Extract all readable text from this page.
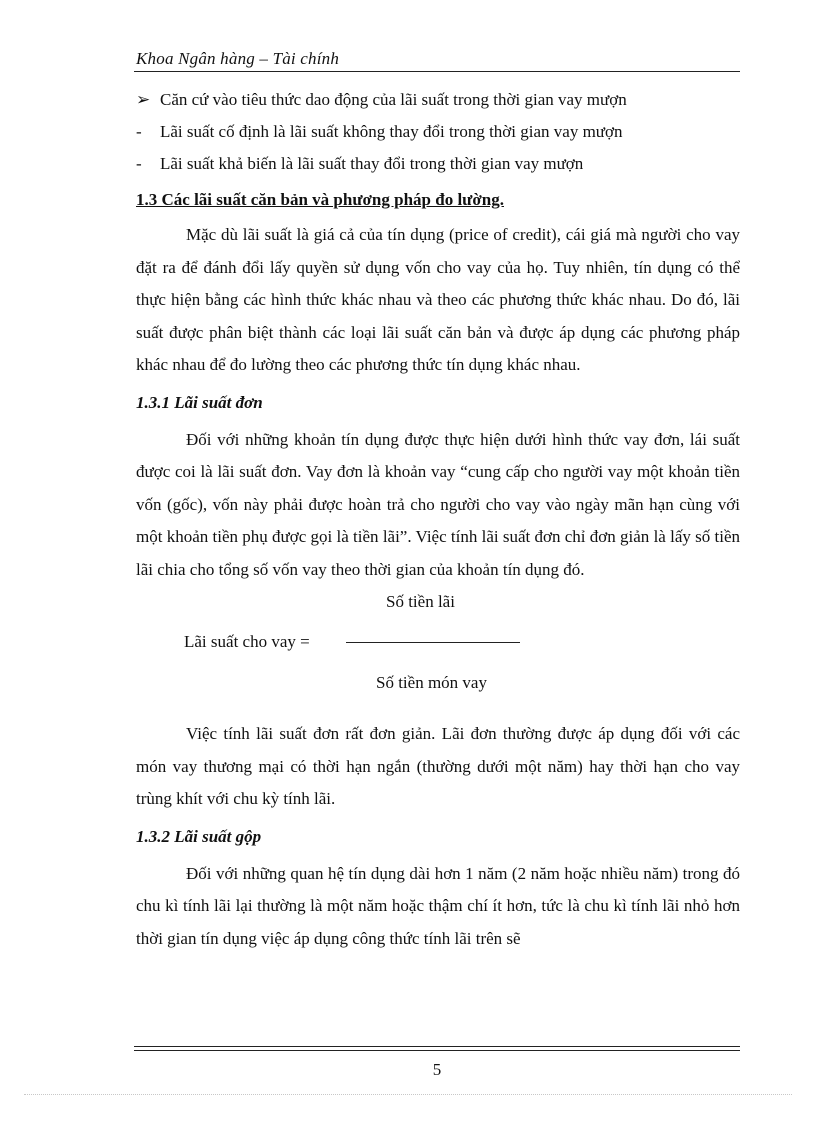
Khoa Ngân hàng – Tài chính
➢ Căn cứ vào tiêu thức dao động của lãi suất trong thời gian vay mượn
- Lãi suất cố định là lãi suất không thay đổi trong thời gian vay mượn
- Lãi suất khả biến là lãi suất thay đổi trong thời gian vay mượn
1.3 Các lãi suất căn bản và phương pháp đo lường.

Mặc dù lãi suất là giá cả của tín dụng (price of credit), cái giá mà người cho vay đặt ra để đánh đổi lấy quyền sử dụng vốn cho vay của họ. Tuy nhiên, tín dụng có thể thực hiện bằng các hình thức khác nhau và theo các phương thức khác nhau. Do đó, lãi suất được phân biệt thành các loại lãi suất căn bản và được áp dụng các phương pháp khác nhau để đo lường theo các phương thức tín dụng khác nhau.

1.3.1 Lãi suất đơn

Đối với những khoản tín dụng được thực hiện dưới hình thức vay đơn, lái suất được coi là lãi suất đơn. Vay đơn là khoản vay “cung cấp cho người vay một khoản tiền vốn (gốc), vốn này phải được hoàn trả cho người cho vay vào ngày mãn hạn cùng với một khoản tiền phụ được gọi là tiền lãi”. Việc tính lãi suất đơn chỉ đơn giản là lấy số tiền lãi chia cho tổng số vốn vay theo thời gian của khoản tín dụng đó.

Số tiền lãi
Lãi suất cho vay =
Số tiền món vay

Việc tính lãi suất đơn rất đơn giản. Lãi đơn thường được áp dụng đối với các món vay thương mại có thời hạn ngắn (thường dưới một năm) hay thời hạn cho vay trùng khít với chu kỳ tính lãi.

1.3.2 Lãi suất gộp

Đối với những quan hệ tín dụng dài hơn 1 năm (2 năm hoặc nhiều năm) trong đó chu kì tính lãi lại thường là một năm hoặc thậm chí ít hơn, tức là chu kì tính lãi nhỏ hơn thời gian tín dụng việc áp dụng công thức tính lãi trên sẽ

5
